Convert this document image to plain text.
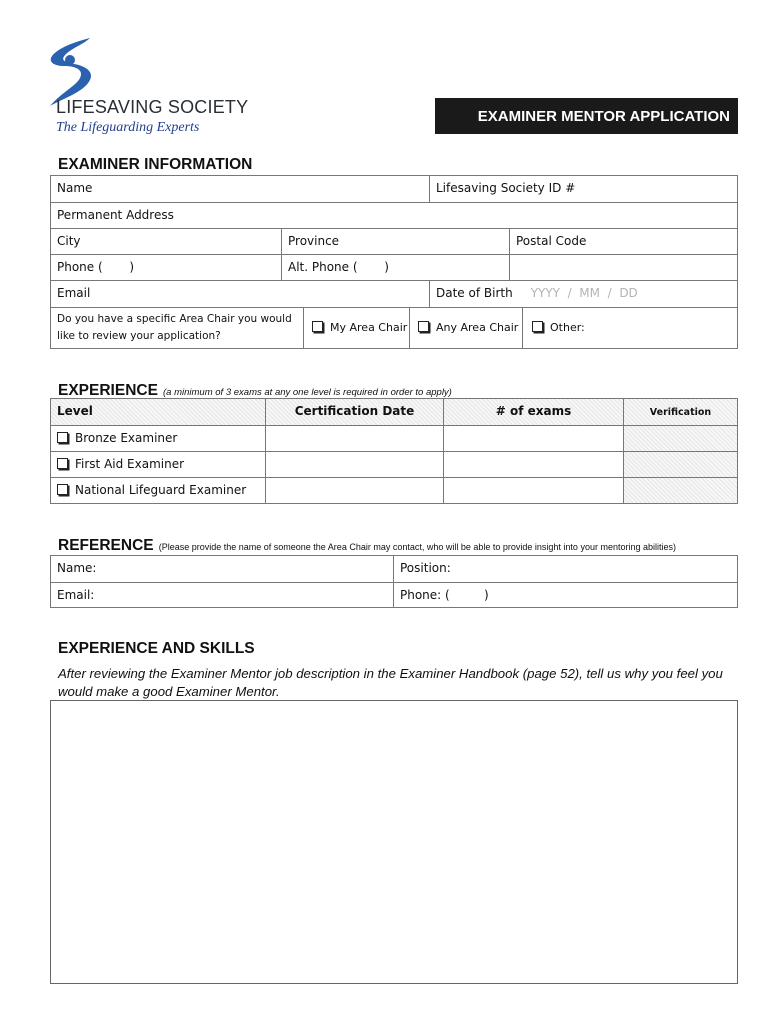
LIFESAVING SOCIETY
The Lifeguarding Experts
EXAMINER MENTOR APPLICATION
EXAMINER INFORMATION
Name	Lifesaving Society ID #
Permanent Address
City	Province	Postal Code
Phone (       )	Alt. Phone (       )
Email	Date of Birth YYYY  /  MM  /  DD
Do you have a specific Area Chair you would
like to review your application?
My Area Chair	Any Area Chair	Other:
EXPERIENCE (a minimum of 3 exams at any one level is required in order to apply)
Level	Certification Date	# of exams	Verification
Bronze Examiner
First Aid Examiner
National Lifeguard Examiner
REFERENCE (Please provide the name of someone the Area Chair may contact, who will be able to provide insight into your mentoring abilities)
Name:	Position:
Email:	Phone: (         )
EXPERIENCE AND SKILLS
After reviewing the Examiner Mentor job description in the Examiner Handbook (page 52), tell us why you feel you would make a good Examiner Mentor.
